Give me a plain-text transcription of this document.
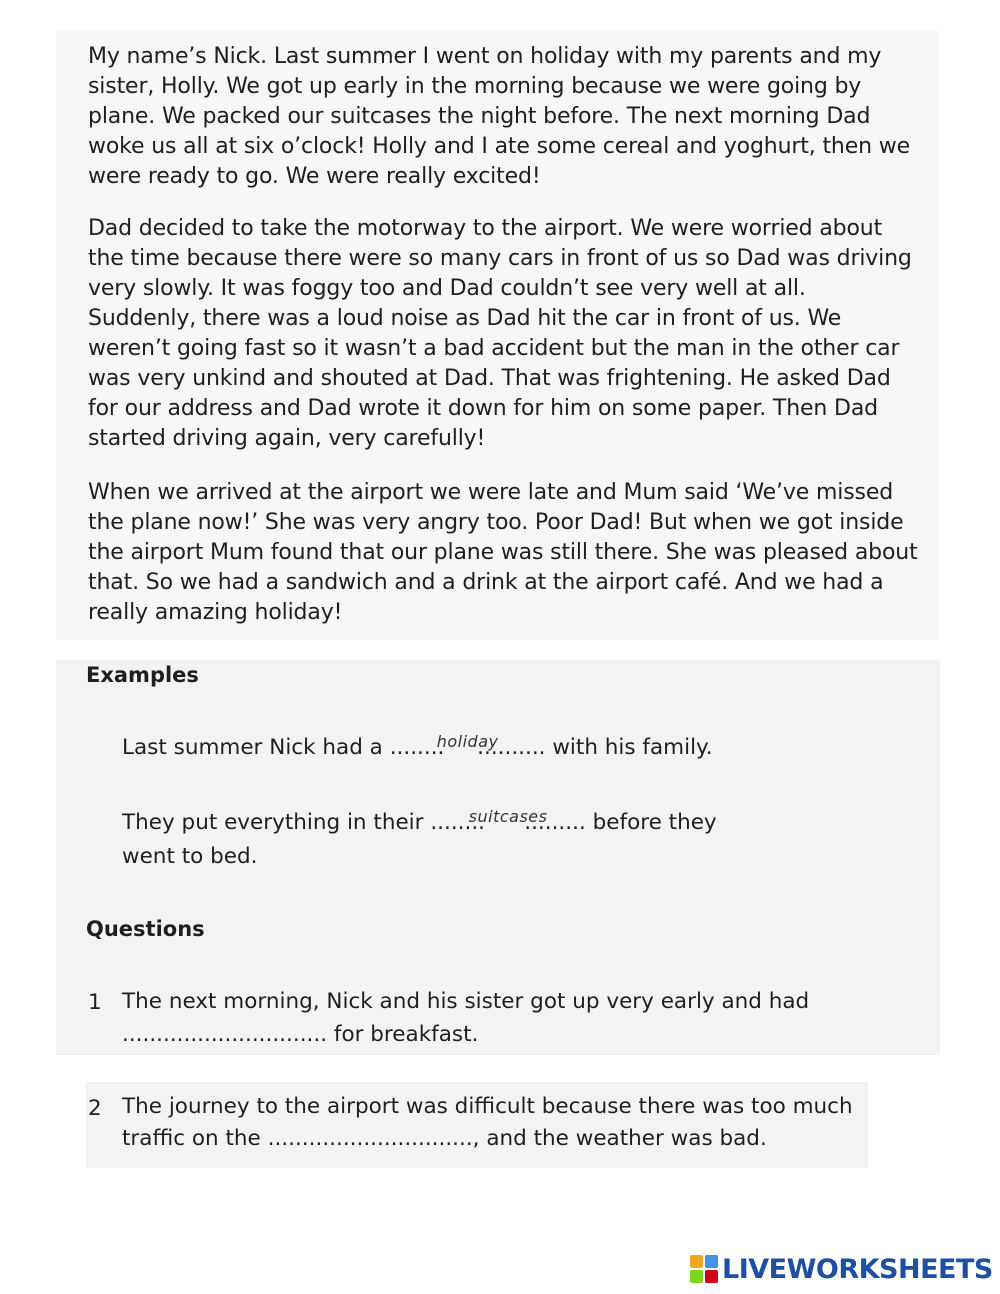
My name’s Nick. Last summer I went on holiday with my parents and my sister, Holly. We got up early in the morning because we were going by plane. We packed our suitcases the night before. The next morning Dad woke us all at six o’clock! Holly and I ate some cereal and yoghurt, then we were ready to go. We were really excited!

Dad decided to take the motorway to the airport. We were worried about the time because there were so many cars in front of us so Dad was driving very slowly. It was foggy too and Dad couldn’t see very well at all. Suddenly, there was a loud noise as Dad hit the car in front of us. We weren’t going fast so it wasn’t a bad accident but the man in the other car was very unkind and shouted at Dad. That was frightening. He asked Dad for our address and Dad wrote it down for him on some paper. Then Dad started driving again, very carefully!

When we arrived at the airport we were late and Mum said ‘We’ve missed the plane now!’ She was very angry too. Poor Dad! But when we got inside the airport Mum found that our plane was still there. She was pleased about that. So we had a sandwich and a drink at the airport café. And we had a really amazing holiday!

Examples
Last summer Nick had a ........ ..........
holiday	with his family.
They put everything in their ........ .........
suitcases	before they
went to bed.
Questions
1 The next morning, Nick and his sister got up very early and had
.............................. for breakfast.
2 The journey to the airport was difficult because there was too much
traffic on the .............................., and the weather was bad.
LIVEWORKSHEETS
